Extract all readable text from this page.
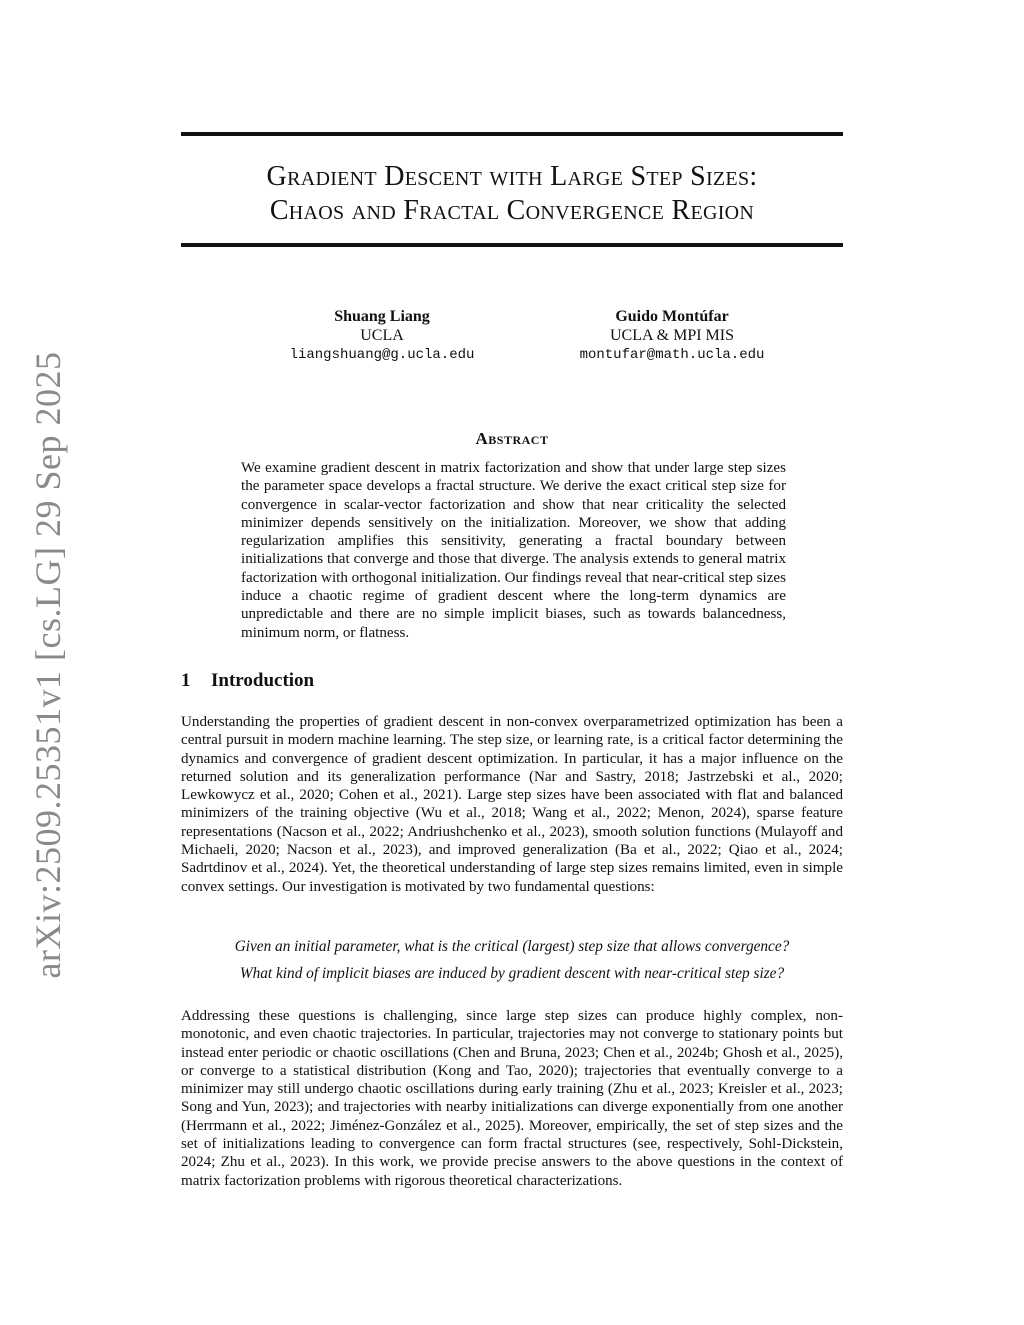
arXiv:2509.25351v1 [cs.LG] 29 Sep 2025
Gradient Descent with Large Step Sizes:
Chaos and Fractal Convergence Region
Shuang Liang
UCLA
liangshuang@g.ucla.edu
Guido Montúfar
UCLA & MPI MIS
montufar@math.ucla.edu
Abstract
We examine gradient descent in matrix factorization and show that under large step sizes the parameter space develops a fractal structure. We derive the exact critical step size for convergence in scalar-vector factorization and show that near criticality the selected minimizer depends sensitively on the initialization. Moreover, we show that adding regularization amplifies this sensitivity, generating a fractal boundary between initializations that converge and those that diverge. The analysis extends to general matrix factorization with orthogonal initialization. Our findings reveal that near-critical step sizes induce a chaotic regime of gradient descent where the long-term dynamics are unpredictable and there are no simple implicit biases, such as towards balancedness, minimum norm, or flatness.
1 Introduction
Understanding the properties of gradient descent in non-convex overparametrized optimization has been a central pursuit in modern machine learning. The step size, or learning rate, is a critical factor determining the dynamics and convergence of gradient descent optimization. In particular, it has a major influence on the returned solution and its generalization performance (Nar and Sastry, 2018; Jastrzebski et al., 2020; Lewkowycz et al., 2020; Cohen et al., 2021). Large step sizes have been associated with flat and balanced minimizers of the training objective (Wu et al., 2018; Wang et al., 2022; Menon, 2024), sparse feature representations (Nacson et al., 2022; Andriushchenko et al., 2023), smooth solution functions (Mulayoff and Michaeli, 2020; Nacson et al., 2023), and improved generalization (Ba et al., 2022; Qiao et al., 2024; Sadrtdinov et al., 2024). Yet, the theoretical understanding of large step sizes remains limited, even in simple convex settings. Our investigation is motivated by two fundamental questions:
Given an initial parameter, what is the critical (largest) step size that allows convergence?
What kind of implicit biases are induced by gradient descent with near-critical step size?
Addressing these questions is challenging, since large step sizes can produce highly complex, non-monotonic, and even chaotic trajectories. In particular, trajectories may not converge to stationary points but instead enter periodic or chaotic oscillations (Chen and Bruna, 2023; Chen et al., 2024b; Ghosh et al., 2025), or converge to a statistical distribution (Kong and Tao, 2020); trajectories that eventually converge to a minimizer may still undergo chaotic oscillations during early training (Zhu et al., 2023; Kreisler et al., 2023; Song and Yun, 2023); and trajectories with nearby initializations can diverge exponentially from one another (Herrmann et al., 2022; Jiménez-González et al., 2025). Moreover, empirically, the set of step sizes and the set of initializations leading to convergence can form fractal structures (see, respectively, Sohl-Dickstein, 2024; Zhu et al., 2023). In this work, we provide precise answers to the above questions in the context of matrix factorization problems with rigorous theoretical characterizations.
